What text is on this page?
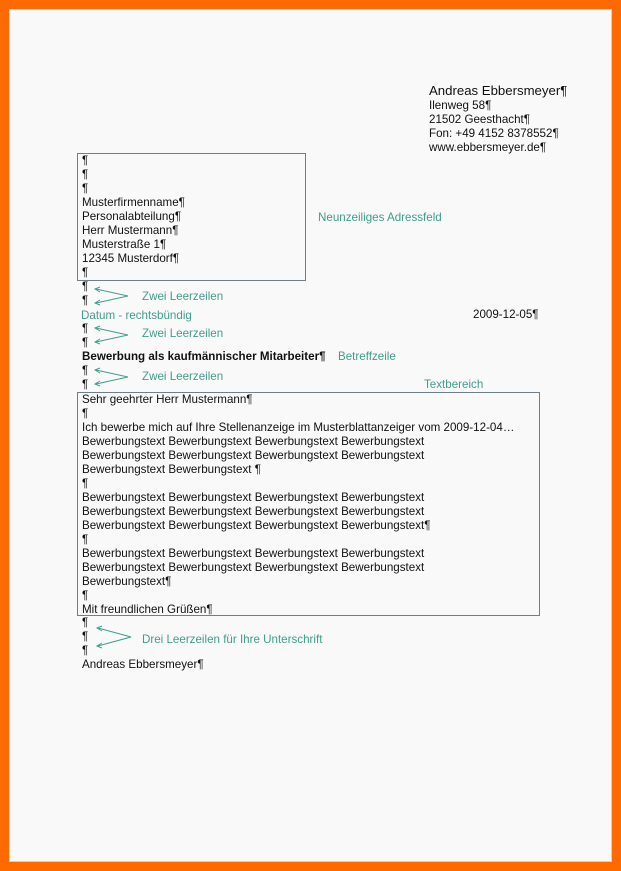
Andreas Ebbersmeyer¶
Ilenweg 58¶
21502 Geesthacht¶
Fon: +49 4152 8378552¶
www.ebbersmeyer.de¶
¶
¶
¶
Musterfirmenname¶
Personalabteilung¶
Herr Mustermann¶
Musterstraße 1¶
12345 Musterdorf¶
¶
Neunzeiliges Adressfeld
¶
¶	Zwei Leerzeilen
Datum - rechtsbündig	2009-12-05¶
¶
¶
Zwei Leerzeilen
Bewerbung als kaufmännischer Mitarbeiter¶ Betreffzeile
¶
¶
Zwei Leerzeilen
Textbereich
Sehr geehrter Herr Mustermann¶
¶
Ich bewerbe mich auf Ihre Stellenanzeige im Musterblattanzeiger vom 2009-12-04…
Bewerbungstext Bewerbungstext Bewerbungstext Bewerbungstext
Bewerbungstext Bewerbungstext Bewerbungstext Bewerbungstext
Bewerbungstext Bewerbungstext ¶
¶
Bewerbungstext Bewerbungstext Bewerbungstext Bewerbungstext
Bewerbungstext Bewerbungstext Bewerbungstext Bewerbungstext
Bewerbungstext Bewerbungstext Bewerbungstext Bewerbungstext¶
¶
Bewerbungstext Bewerbungstext Bewerbungstext Bewerbungstext
Bewerbungstext Bewerbungstext Bewerbungstext Bewerbungstext
Bewerbungstext¶
¶
Mit freundlichen Grüßen¶
¶
¶
¶
Drei Leerzeilen für Ihre Unterschrift
Andreas Ebbersmeyer¶
